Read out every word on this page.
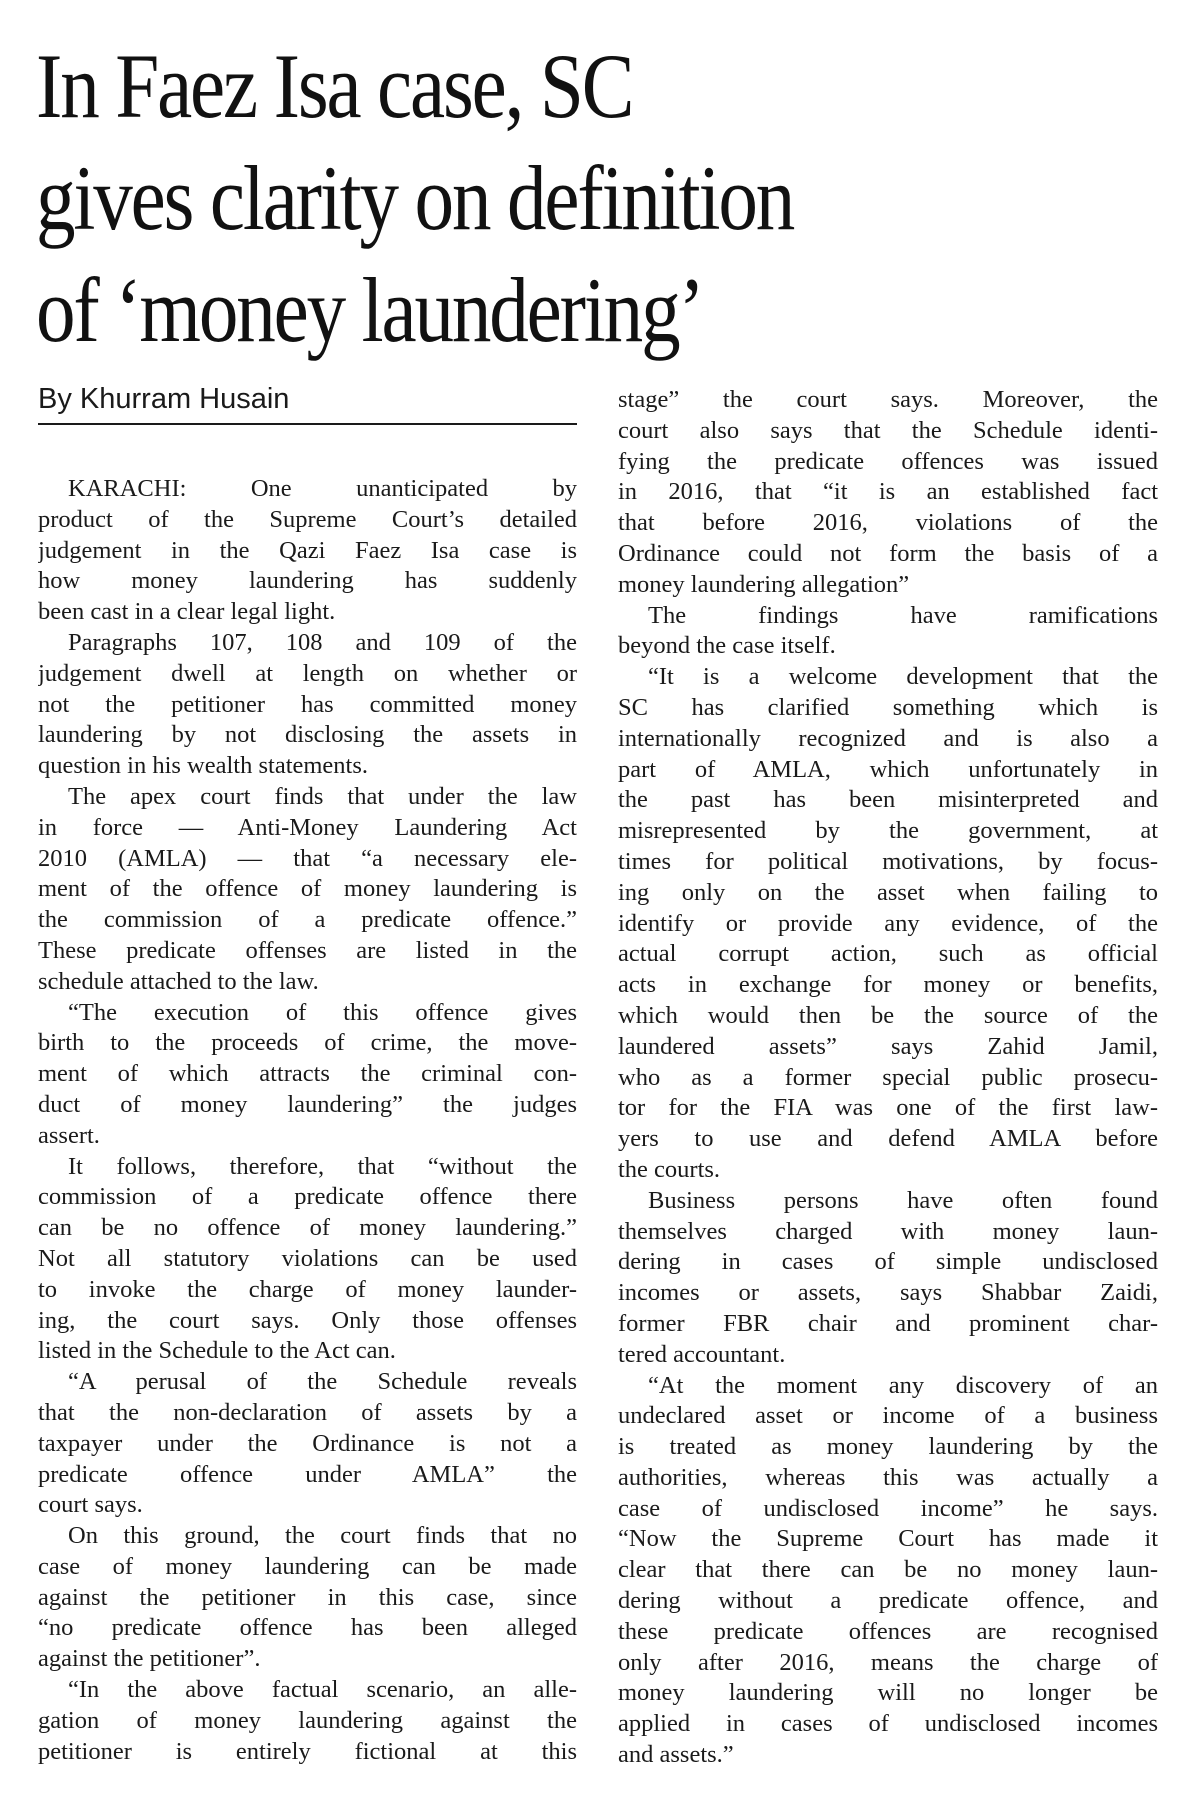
In Faez Isa case, SC
gives clarity on definition
of ‘money laundering’
By Khurram Husain
KARACHI: One unanticipated by
product of the Supreme Court’s detailed
judgement in the Qazi Faez Isa case is
how money laundering has suddenly
been cast in a clear legal light.
Paragraphs 107, 108 and 109 of the
judgement dwell at length on whether or
not the petitioner has committed money
laundering by not disclosing the assets in
question in his wealth statements.
The apex court finds that under the law
in force — Anti-Money Laundering Act
2010 (AMLA) — that “a necessary ele-
ment of the offence of money laundering is
the commission of a predicate offence.”
These predicate offenses are listed in the
schedule attached to the law.
“The execution of this offence gives
birth to the proceeds of crime, the move-
ment of which attracts the criminal con-
duct of money laundering” the judges
assert.
It follows, therefore, that “without the
commission of a predicate offence there
can be no offence of money laundering.”
Not all statutory violations can be used
to invoke the charge of money launder-
ing, the court says. Only those offenses
listed in the Schedule to the Act can.
“A perusal of the Schedule reveals
that the non-declaration of assets by a
taxpayer under the Ordinance is not a
predicate offence under AMLA” the
court says.
On this ground, the court finds that no
case of money laundering can be made
against the petitioner in this case, since
“no predicate offence has been alleged
against the petitioner”.
“In the above factual scenario, an alle-
gation of money laundering against the
petitioner is entirely fictional at this
stage” the court says. Moreover, the
court also says that the Schedule identi-
fying the predicate offences was issued
in 2016, that “it is an established fact
that before 2016, violations of the
Ordinance could not form the basis of a
money laundering allegation”
The findings have ramifications
beyond the case itself.
“It is a welcome development that the
SC has clarified something which is
internationally recognized and is also a
part of AMLA, which unfortunately in
the past has been misinterpreted and
misrepresented by the government, at
times for political motivations, by focus-
ing only on the asset when failing to
identify or provide any evidence, of the
actual corrupt action, such as official
acts in exchange for money or benefits,
which would then be the source of the
laundered assets” says Zahid Jamil,
who as a former special public prosecu-
tor for the FIA was one of the first law-
yers to use and defend AMLA before
the courts.
Business persons have often found
themselves charged with money laun-
dering in cases of simple undisclosed
incomes or assets, says Shabbar Zaidi,
former FBR chair and prominent char-
tered accountant.
“At the moment any discovery of an
undeclared asset or income of a business
is treated as money laundering by the
authorities, whereas this was actually a
case of undisclosed income” he says.
“Now the Supreme Court has made it
clear that there can be no money laun-
dering without a predicate offence, and
these predicate offences are recognised
only after 2016, means the charge of
money laundering will no longer be
applied in cases of undisclosed incomes
and assets.”
